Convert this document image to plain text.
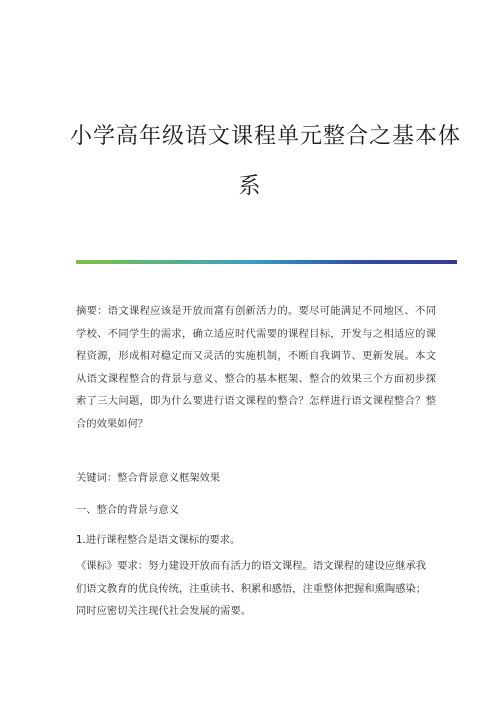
小学高年级语文课程单元整合之基本体
系
摘要：语文课程应该是开放而富有创新活力的。要尽可能满足不同地区、不同学校、不同学生的需求，确立适应时代需要的课程目标，开发与之相适应的课程资源，形成相对稳定而又灵活的实施机制，不断自我调节、更新发展。本文从语文课程整合的背景与意义、整合的基本框架、整合的效果三个方面初步探索了三大问题，即为什么要进行语文课程的整合？怎样进行语文课程整合？整合的效果如何？
关键词：整合背景意义框架效果
一、整合的背景与意义
1.进行课程整合是语文课标的要求。
《课标》要求：努力建设开放而有活力的语文课程。语文课程的建设应继承我们语文教育的优良传统，注重读书、积累和感悟，注重整体把握和熏陶感染；同时应密切关注现代社会发展的需要。
